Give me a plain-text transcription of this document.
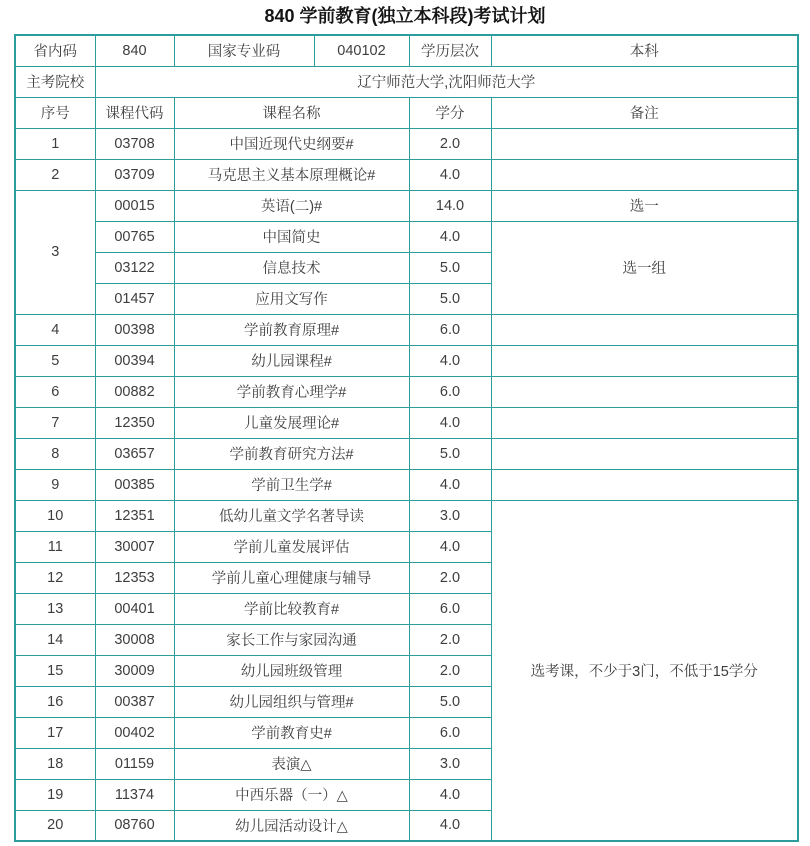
840 学前教育(独立本科段)考试计划
省内码	840	国家专业码	040102	学历层次	本科
主考院校	辽宁师范大学,沈阳师范大学				
序号	课程代码	课程名称		学分	备注
1	03708	中国近现代史纲要#		2.0	
2	03709	马克思主义基本原理概论#		4.0	
3	00015	英语(二)#		14.0	选一
	00765	中国简史		4.0	选一组
	03122	信息技术		5.0	
	01457	应用文写作		5.0	
4	00398	学前教育原理#		6.0	
5	00394	幼儿园课程#		4.0	
6	00882	学前教育心理学#		6.0	
7	12350	儿童发展理论#		4.0	
8	03657	学前教育研究方法#		5.0	
9	00385	学前卫生学#		4.0	
10	12351	低幼儿童文学名著导读		3.0	选考课，不少于3门，不低于15学分
11	30007	学前儿童发展评估		4.0	
12	12353	学前儿童心理健康与辅导		2.0	
13	00401	学前比较教育#		6.0	
14	30008	家长工作与家园沟通		2.0	
15	30009	幼儿园班级管理		2.0	
16	00387	幼儿园组织与管理#		5.0	
17	00402	学前教育史#		6.0	
18	01159	表演△		3.0	
19	11374	中西乐器（一）△		4.0	
20	08760	幼儿园活动设计△		4.0	
